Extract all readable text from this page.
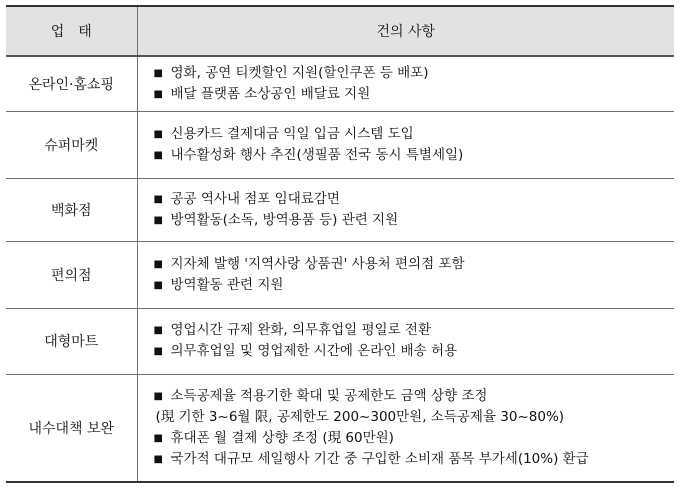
업태	건의 사항
온라인·홈쇼핑	■ 영화, 공연 티켓할인 지원(할인쿠폰 등 배포)
■ 배달 플랫폼 소상공인 배달료 지원

슈퍼마켓	■ 신용카드 결제대금 익일 입금 시스템 도입
■ 내수활성화 행사 추진(생필품 전국 동시 특별세일)

백화점	■ 공공 역사내 점포 임대료감면
■ 방역활동(소독, 방역용품 등) 관련 지원

편의점	■ 지자체 발행 '지역사랑 상품권' 사용처 편의점 포함
■ 방역활동 관련 지원

대형마트	■ 영업시간 규제 완화, 의무휴업일 평일로 전환
■ 의무휴업일 및 영업제한 시간에 온라인 배송 허용

내수대책 보완	■ 소득공제율 적용기한 확대 및 공제한도 금액 상향 조정
(現 기한 3~6월 限, 공제한도 200~300만원, 소득공제율 30~80%)
■ 휴대폰 월 결제 상향 조정 (現 60만원)
■ 국가적 대규모 세일행사 기간 중 구입한 소비재 품목 부가세(10%) 환급
